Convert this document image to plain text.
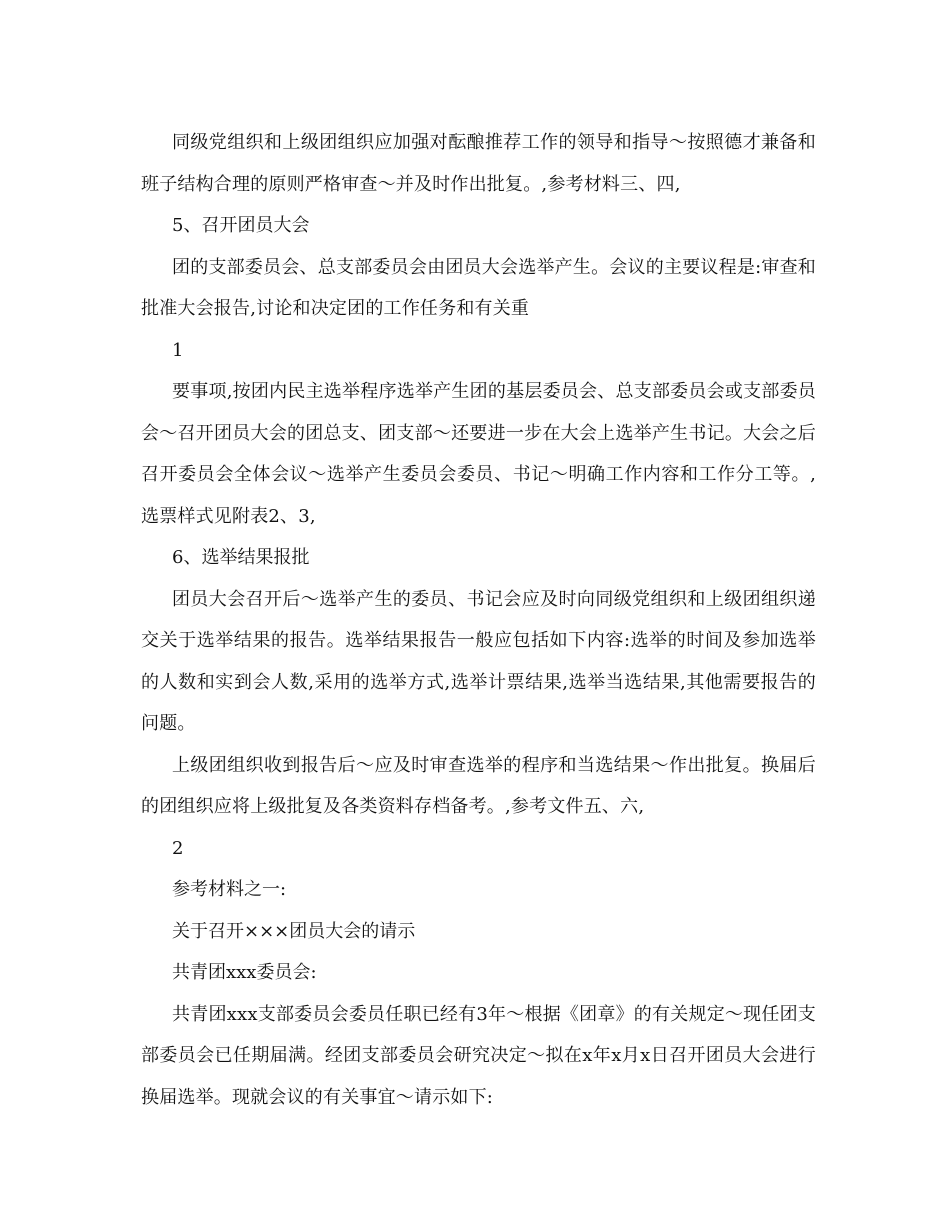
同级党组织和上级团组织应加强对酝酿推荐工作的领导和指导～按照德才兼备和班子结构合理的原则严格审查～并及时作出批复。,参考材料三、四,

5、召开团员大会

团的支部委员会、总支部委员会由团员大会选举产生。会议的主要议程是:审查和批准大会报告,讨论和决定团的工作任务和有关重

1

要事项,按团内民主选举程序选举产生团的基层委员会、总支部委员会或支部委员会～召开团员大会的团总支、团支部～还要进一步在大会上选举产生书记。大会之后召开委员会全体会议～选举产生委员会委员、书记～明确工作内容和工作分工等。,选票样式见附表2、3,

6、选举结果报批

团员大会召开后～选举产生的委员、书记会应及时向同级党组织和上级团组织递交关于选举结果的报告。选举结果报告一般应包括如下内容:选举的时间及参加选举的人数和实到会人数,采用的选举方式,选举计票结果,选举当选结果,其他需要报告的问题。

上级团组织收到报告后～应及时审查选举的程序和当选结果～作出批复。换届后的团组织应将上级批复及各类资料存档备考。,参考文件五、六,

2

参考材料之一:

关于召开×××团员大会的请示

共青团xxx委员会:

共青团xxx支部委员会委员任职已经有3年～根据《团章》的有关规定～现任团支部委员会已任期届满。经团支部委员会研究决定～拟在x年x月x日召开团员大会进行换届选举。现就会议的有关事宜～请示如下:
